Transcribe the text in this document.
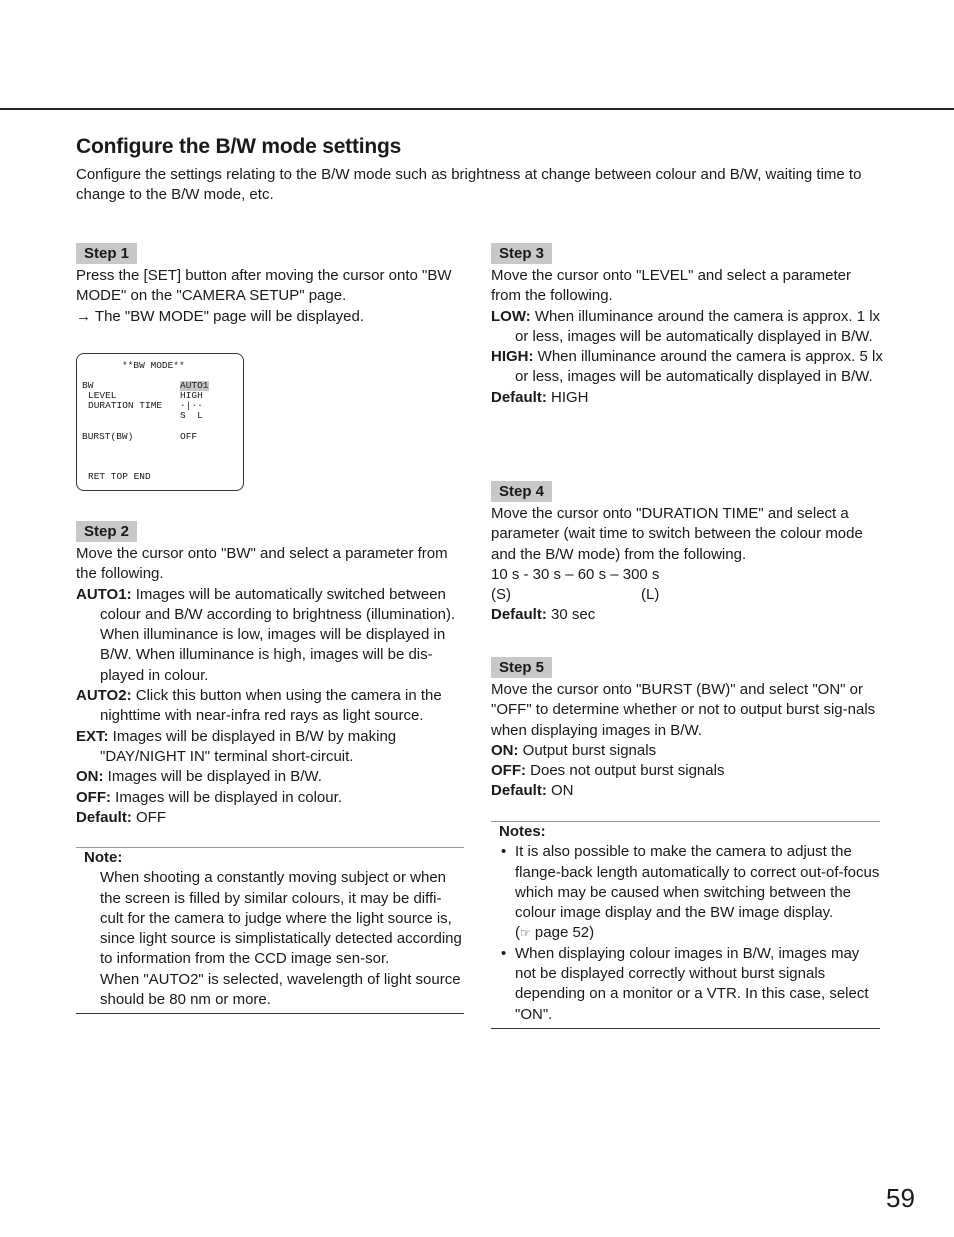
Configure the B/W mode settings

Configure the settings relating to the B/W mode such as brightness at change between colour and B/W, waiting time to change to the B/W mode, etc.

Step 1

Press the [SET] button after moving the cursor onto "BW MODE" on the "CAMERA SETUP" page.

→ The "BW MODE" page will be displayed.

**BW MODE**
BW	AUTO1
LEVEL	HIGH
DURATION TIME ·|··
S  L
BURST(BW)	OFF
RET TOP END
Step 2

Move the cursor onto "BW" and select a parameter from the following.

AUTO1: Images will be automatically switched between colour and B/W according to brightness (illumination). When illuminance is low, images will be displayed in B/W. When illuminance is high, images will be dis-played in colour.

AUTO2: Click this button when using the camera in the nighttime with near-infra red rays as light source.

EXT: Images will be displayed in B/W by making "DAY/NIGHT IN" terminal short-circuit.

ON: Images will be displayed in B/W.

OFF: Images will be displayed in colour.

Default: OFF

Note:

When shooting a constantly moving subject or when the screen is filled by similar colours, it may be diffi-cult for the camera to judge where the light source is, since light source is simplistatically detected according to information from the CCD image sen-sor.

When "AUTO2" is selected, wavelength of light source should be 80 nm or more.

Step 3

Move the cursor onto "LEVEL" and select a parameter from the following.

LOW: When illuminance around the camera is approx. 1 lx or less, images will be automatically displayed in B/W.

HIGH: When illuminance around the camera is approx. 5 lx or less, images will be automatically displayed in B/W.

Default: HIGH

Step 4

Move the cursor onto "DURATION TIME" and select a parameter (wait time to switch between the colour mode and the B/W mode) from the following.

10 s - 30 s – 60 s – 300 s

(S)	(L)

Default: 30 sec

Step 5

Move the cursor onto "BURST (BW)" and select "ON" or "OFF" to determine whether or not to output burst sig-nals when displaying images in B/W.

ON: Output burst signals

OFF: Does not output burst signals

Default: ON

Notes:

• It is also possible to make the camera to adjust the flange-back length automatically to correct out-of-focus which may be caused when switching between the colour image display and the BW image display.

(☞ page 52)

• When displaying colour images in B/W, images may not be displayed correctly without burst signals depending on a monitor or a VTR. In this case, select "ON".

59
